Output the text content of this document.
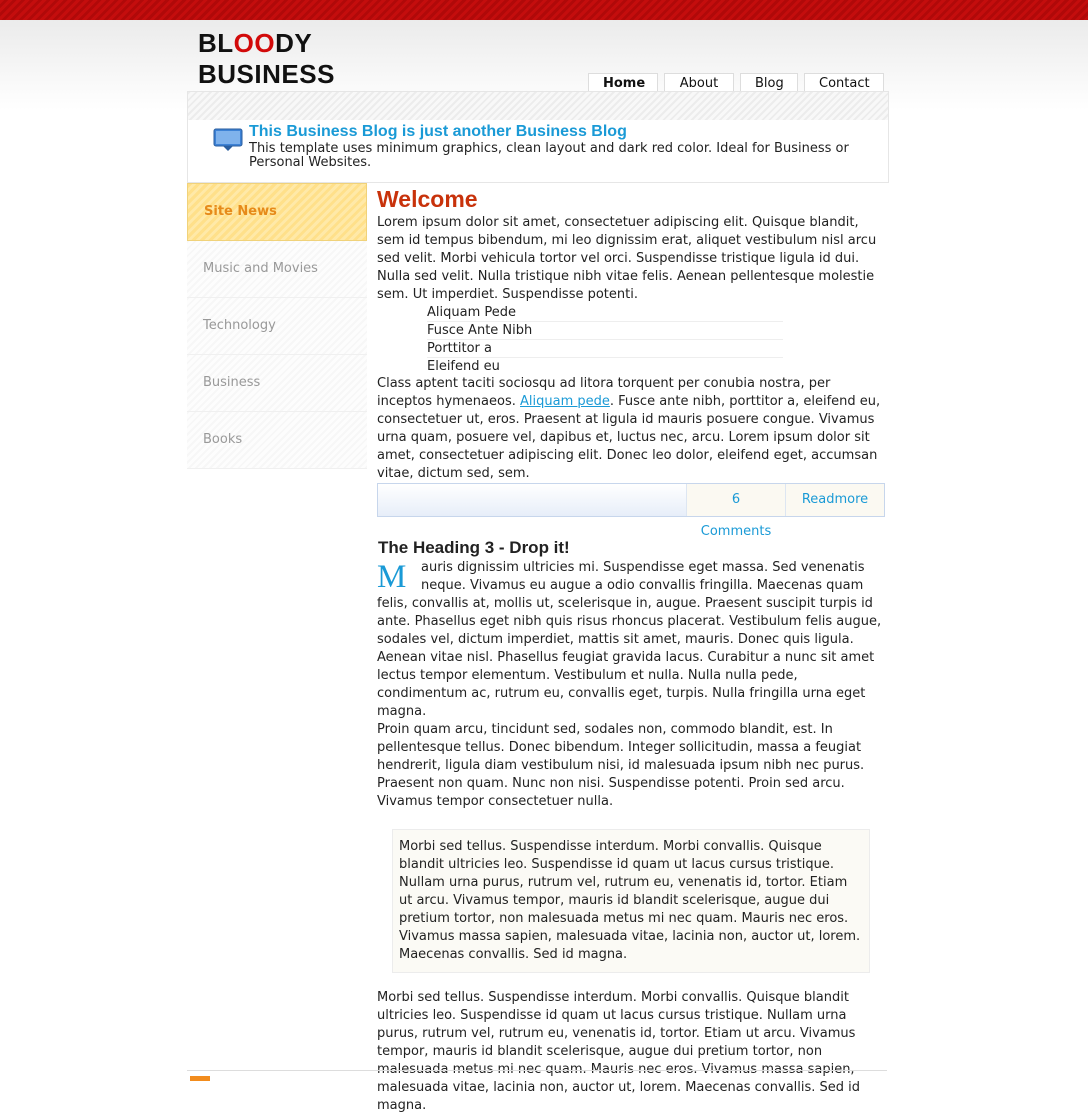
BLOODY
BUSINESS	Home	About	Blog	Contact
This Business Blog is just another Business Blog
This template uses minimum graphics, clean layout and dark red color. Ideal for Business or Personal Websites.
Site News
Music and Movies
Technology
Business
Books
Welcome

Lorem ipsum dolor sit amet, consectetuer adipiscing elit. Quisque blandit, sem id tempus bibendum, mi leo dignissim erat, aliquet vestibulum nisl arcu sed velit. Morbi vehicula tortor vel orci. Suspendisse tristique ligula id dui. Nulla sed velit. Nulla tristique nibh vitae felis. Aenean pellentesque molestie sem. Ut imperdiet. Suspendisse potenti.

Aliquam Pede
Fusce Ante Nibh
Porttitor a
Eleifend eu

Class aptent taciti sociosqu ad litora torquent per conubia nostra, per inceptos hymenaeos. Aliquam pede. Fusce ante nibh, porttitor a, eleifend eu, consectetuer ut, eros. Praesent at ligula id mauris posuere congue. Vivamus urna quam, posuere vel, dapibus et, luctus nec, arcu. Lorem ipsum dolor sit amet, consectetuer adipiscing elit. Donec leo dolor, eleifend eget, accumsan vitae, dictum sed, sem.

6 Comments
Readmore
The Heading 3 - Drop it!

M	auris dignissim ultricies mi. Suspendisse eget massa. Sed venenatis neque. Vivamus eu augue a odio convallis fringilla. Maecenas quam felis, convallis at, mollis ut, scelerisque in, augue. Praesent suscipit turpis id ante. Phasellus eget nibh quis risus rhoncus placerat. Vestibulum felis augue, sodales vel, dictum imperdiet, mattis sit amet, mauris. Donec quis ligula. Aenean vitae nisl. Phasellus feugiat gravida lacus. Curabitur a nunc sit amet lectus tempor elementum. Vestibulum et nulla. Nulla nulla pede, condimentum ac, rutrum eu, convallis eget, turpis. Nulla fringilla urna eget magna.

Proin quam arcu, tincidunt sed, sodales non, commodo blandit, est. In pellentesque tellus. Donec bibendum. Integer sollicitudin, massa a feugiat hendrerit, ligula diam vestibulum nisi, id malesuada ipsum nibh nec purus. Praesent non quam. Nunc non nisi. Suspendisse potenti. Proin sed arcu. Vivamus tempor consectetuer nulla.

Morbi sed tellus. Suspendisse interdum. Morbi convallis. Quisque blandit ultricies leo. Suspendisse id quam ut lacus cursus tristique. Nullam urna purus, rutrum vel, rutrum eu, venenatis id, tortor. Etiam ut arcu. Vivamus tempor, mauris id blandit scelerisque, augue dui pretium tortor, non malesuada metus mi nec quam. Mauris nec eros. Vivamus massa sapien, malesuada vitae, lacinia non, auctor ut, lorem. Maecenas convallis. Sed id magna.

Morbi sed tellus. Suspendisse interdum. Morbi convallis. Quisque blandit ultricies leo. Suspendisse id quam ut lacus cursus tristique. Nullam urna purus, rutrum vel, rutrum eu, venenatis id, tortor. Etiam ut arcu. Vivamus tempor, mauris id blandit scelerisque, augue dui pretium tortor, non malesuada metus mi nec quam. Mauris nec eros. Vivamus massa sapien, malesuada vitae, lacinia non, auctor ut, lorem. Maecenas convallis. Sed id magna.
